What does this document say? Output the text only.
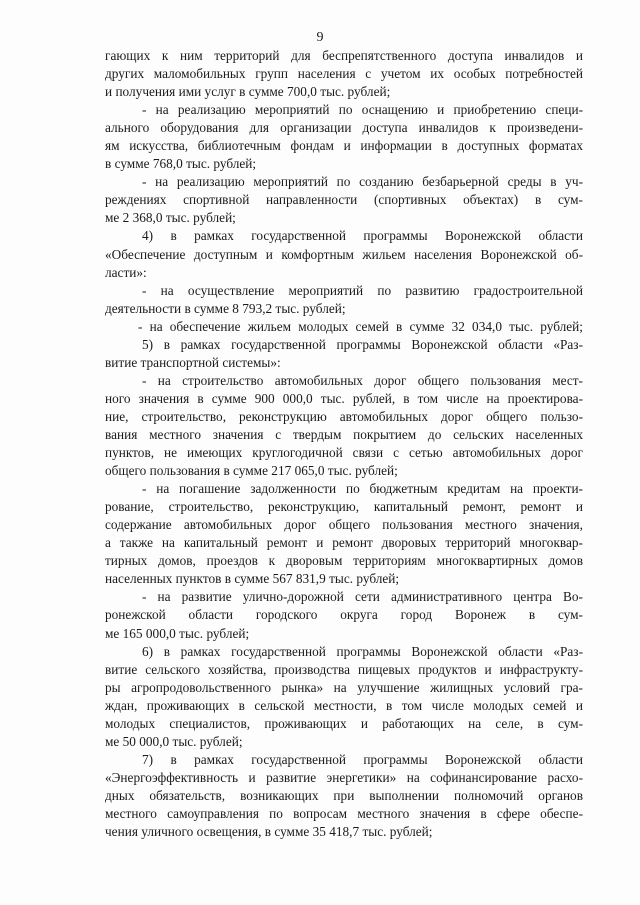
9
гающих к ним территорий для беспрепятственного доступа инвалидов и
других маломобильных групп населения с учетом их особых потребностей
и получения ими услуг в сумме 700,0 тыс. рублей;
- на реализацию мероприятий по оснащению и приобретению специ-
ального оборудования для организации доступа инвалидов к произведени-
ям искусства, библиотечным фондам и информации в доступных форматах
в сумме 768,0 тыс. рублей;
- на реализацию мероприятий по созданию безбарьерной среды в уч-
реждениях спортивной направленности (спортивных объектах) в сум-
ме 2 368,0 тыс. рублей;
4) в рамках государственной программы Воронежской области
«Обеспечение доступным и комфортным жильем населения Воронежской об-
ласти»:
- на осуществление мероприятий по развитию градостроительной
деятельности в сумме 8 793,2 тыс. рублей;
- на обеспечение жильем молодых семей в сумме 32 034,0 тыс. рублей;
5) в рамках государственной программы Воронежской области «Раз-
витие транспортной системы»:
- на строительство автомобильных дорог общего пользования мест-
ного значения в сумме 900 000,0 тыс. рублей, в том числе на проектирова-
ние, строительство, реконструкцию автомобильных дорог общего пользо-
вания местного значения с твердым покрытием до сельских населенных
пунктов, не имеющих круглогодичной связи с сетью автомобильных дорог
общего пользования в сумме 217 065,0 тыс. рублей;
- на погашение задолженности по бюджетным кредитам на проекти-
рование, строительство, реконструкцию, капитальный ремонт, ремонт и
содержание автомобильных дорог общего пользования местного значения,
а также на капитальный ремонт и ремонт дворовых территорий многоквар-
тирных домов, проездов к дворовым территориям многоквартирных домов
населенных пунктов в сумме 567 831,9 тыс. рублей;
- на развитие улично-дорожной сети административного центра Во-
ронежской области городского округа город Воронеж в сум-
ме 165 000,0 тыс. рублей;
6) в рамках государственной программы Воронежской области «Раз-
витие сельского хозяйства, производства пищевых продуктов и инфраструкту-
ры агропродовольственного рынка» на улучшение жилищных условий гра-
ждан, проживающих в сельской местности, в том числе молодых семей и
молодых специалистов, проживающих и работающих на селе, в сум-
ме 50 000,0 тыс. рублей;
7) в рамках государственной программы Воронежской области
«Энергоэффективность и развитие энергетики» на софинансирование расхо-
дных обязательств, возникающих при выполнении полномочий органов
местного самоуправления по вопросам местного значения в сфере обеспе-
чения уличного освещения, в сумме 35 418,7 тыс. рублей;
